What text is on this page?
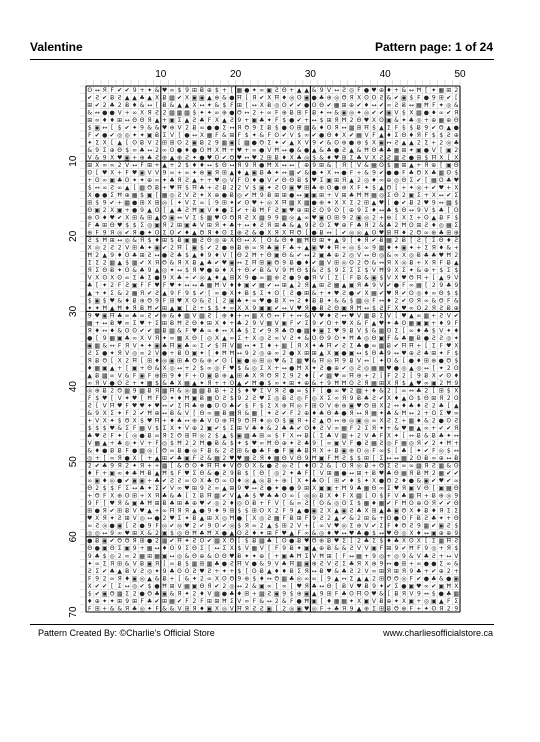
Valentine	Pattern page: 1 of 24
ʘ ↔ Я F ✔ ✔ 9 + ✦ & ♥ ∞ $ 9 ⊞ Ƀ ⊕ $ + [ ▦ ● ✦ ∞ ▣ Ƨ Θ + ▲ ▲ & 9 V ↔ Ƨ ◎ F ● ♥ ⊕ ♦ + & ↔ Ħ [ ✦ ▦ ⊞ 2
✔ Ƨ ✔ Ƀ Ƨ ▲ ▲ ♣ ▲ X Ƀ ▦ ✔ X ▣ ▣ ▲ ⊕ & ● Ħ [ Я ✔ X Ħ ♦ ◎ ʘ ▣ ● ♣ ⊕ ◎ Θ Я X ʘ ʘ Ƨ & ✔ ▣ $ F ● 9 ⊞ ✔ [
⊞ ✔ 2 ♣ 2 Ƀ ♦ & ↔ [ Ƀ & ▲ ▲ X ↔ ✦ & $ F ⊞ [ ↔ X Ƀ ◎ ʘ ✔ ✔ ● ʘ Θ ✔ ▦ ⊞ ⊕ ✔ ♦ ↔ ✔ ∞ Ƨ Ƀ ↔ ▦ Ħ F ✦ ◎ &
& ↔ ● ● V + ∞ X Я Ƨ 2 ▦ ▦ ▦ $ ✦ ✦ ∞ ⊕ ● Θ ↔ 2 + ∞ F ⊕ Ƀ ⊞ F Ƀ ✦ ↔ & ▣ ◎ ✦ ◎ ✔ ✔ ▣ V $ X ▦ ● ♦ ∞ ✔ Я
⊞ ∞ ♦ ♦ ⊞ ↔ Θ Θ Я ▲ + ▣ Ʃ ▲ Ƨ ♣ F X ▲ Ƨ 9 + ▣ ♣ ✦ F $ ● ✔ + ↔ $ ⊞ Я Ħ 2 Θ ♥ X ʘ ▣ & ✦ ♣ ◎ + ⊕ ▦ ⊕ Θ
$ ▣ ↔ [ $ ✔ ✦ 9 & & ♥ ⊕ V 2 Ƀ ∞ ● ● Ʃ ↔ Я Θ 9 Ʃ Ƀ $ ● ʘ ⊞ ▦ & ♦ ʘ Я ↔ ▦ ⊞ Ħ $ ▲ Ʃ F $ $ Ƀ 9 ✔ Θ ▲ ●
F ✔ ● ✔ ◎ ◎ ✦ ✦ ▣ Ƀ Ʃ V [ ● ↔ X ▦ F & ⊞ F $ ✦ & F ʘ ✔ V $ ∞ ✔ ● Θ ♦ X ✔ ▦ V F ▲ ♦ Ʃ Θ ♦ Я F $ $ Ƨ ⊕
✦ Ʃ X [ ▲ [ ʘ Ƀ V 2 ⊞ ⊞ ʘ 2 ▣ Ƀ 2 9 ▦ ▣ [ ▦ ● Θ Ʃ ✦ ✔ ▲ X V 9 ✔ & ʘ ⊕ ● ⊕ $ X ▣ ↔ Ƨ ▲ ▲ 2 Ʃ + 2 ◎ ♣
& 9 Ʃ ⊕ Θ $ ∞ ♣ ↔ 2 ∞ ʘ ● ♦ ● ʘ Ħ X Ħ + ♥ + ∞ ● V Ħ ↔ ● & ● ▲ & ♣ ● Ƨ ▲ & Ħ Θ ♣ ♣ ▦ ⊞ ✦ ▣ ● V [ ▣ 2
V & 9 X ♥ ▣ + ⊕ ♣ Ƨ ⊕ ▲ ⊕ Ƨ ✦ ● ♥ ʘ ✔ Θ ♥ ↔ ♥ 2 ⊞ Ƀ ♦ X ♣ ◎ $ & ♦ ♥ ⊞ Ʃ ♣ V X Ƨ Ƨ ▦ Ƨ ● ⊞ $ Ħ X [ X
⊞ X ∞ ∞ 2 V ↔ F ⊞ + ▲ + 2 $ ♦ ♦ ↔ $ Θ ↔ Я 9 Я ● Ħ X ↔ ↔ [ ⊕ 9 ⊞ & [ Я [ V & ▦ ʘ $ ▦ ⊞ ▲ + Я ⊕ [ ▣ Θ
ʘ [ ♥ X + F ♥ ▣ V V 9 ∞ + ∞ ✦ ⊕ ▣ Я ⊞ ▲ ♦ ▲ ▣ Ƀ ♣ ✦ ↔ ▦ ✔ & ● ✦ X ↔ ● F + & 9 ✔ ● ● F ♣ Θ X ♣ ▦ ʘ $
+ ʘ ∞ ▣ ♣ ʘ ✦ ✦ ⊕ ∞ ✦ ♣ Я Ƨ ▲ + + ♥ ◎ V F ʘ ♦ ● V ✔ Θ Θ Ƀ $ ♥ Ʃ ▣ ⊞ Я ▲ 2 ◎ ♦ ∞ ⊕ ◎ Θ Ʃ ✔ [ ▦ ʘ ♣ ♥
$ ↔ ∞ Ƨ ∞ ▲ [ ▦ Θ Ƀ + ♥ Ħ $ Ħ ♣ + Ƨ Ƀ 2 2 V $ ▣ ✦ Ƨ ʘ ▣ ♥ ⊞ ♣ ⊕ ʘ ● ⊕ X F ✦ $ ▲ Θ [ + ✦ ◎ + ✔ ♥ + X
X ● ● Ʃ Ħ ⊕ ▦ $ ▣ [ ▦ ◎ Ƨ V Ƨ ✦ X ⊕ ● Ƀ ◎ ✔ Ħ 9 Ƀ ⊞ ⊞ ● ↔ ▣ ▣ ⊞ + V ⊞ ♣ Ħ Ħ ▦ ◎ Ʃ Θ 2 ▣ Ʃ + X ↔ ✔ Ʃ
⊞ $ 9 ✔ + ▦ ● ⊞ X ⊞ ◎ [ ✦ V Ʃ ∞ [ 9 ⊞ ✦ ✔ ʘ ♥ + ◎ X Ħ ▦ X ▦ ● ⊕ ✦ X X Ʃ 2 ⊞ ▲ ♥ [ ● ✔ Ƀ 2 ♥ 9 ↔ ▦ $
Θ ▣ 2 X ▣ + ● 9 ▲ ʘ [ ▲ ♣ Ƨ Ħ ▣ V ♦ ● Ʃ ✔ + Ƀ Ħ F Ƨ ▣ ♥ ⊕ ⊞ Ƨ ʘ 9 ʘ [ ⊕ 9 Ʃ ♦ ↔ ♣ $ Θ ↔ 9 V $ ♣ [ ʘ
⊕ ʘ ♦ ♥ ✔ X ⊞ & ⊞ ▲ Θ ▣ ↔ V Ʃ $ ▦ ♥ ʘ Θ Я Ƨ X ▦ 9 9 ▦ ◎ ▲ ∞ ♥ ▣ ʘ ⊞ 9 2 ▣ ◎ 2 + ⊕ [ X Ʃ + ʘ ▲ Ƀ F $
F ♣ ⊞ Θ ♥ $ $ Ʃ ◎ ▣ Я 2 ⊞ ▣ ♣ V ⊞ Я ✦ ♣ + ↔ ♦ Ƨ Я ⊞ ♣ & ▲ 9 Ƨ ʘ Ʃ ♥ ⊕ F ♣ Я 2 & ♣ 2 Ħ ʘ ⊞ Ƨ ♦ ◎ ▦ Ʃ
⊕ F 9 Я ◎ ✔ Я ● ✦ ʘ Ʃ ʘ ✔ ♦ ▲ Θ Я ♦ ʘ Ʃ ⊕ Ƨ & ● X Я X Ħ Θ [ ● Ƀ ↔ [ ✔ ◎ ◎ ▲ ʘ ♥ ⊞ Ħ ♦ 2 Θ ∞ ⊕ ♣ ⊞ ⊕
Ƨ $ Ħ ⊞ ↔ ◎ & Я $ ♦ ⊞ $ Ƀ ▣ ▦ Ƨ Θ ◎ ⊕ X Θ ↔ X [ ʘ & Θ ♦ ▦ Ħ Θ ⊞ ✦ ▲ 9 [ ♦ Я ✔ Ƀ ▦ 2 Ƀ [ Ƨ [ Ʃ Θ ♦ Ƨ
X ◎ 2 Ƨ 2 V ⊞ ♣ ✦ ▣ ✔ 2 Ħ [ ▣ $ ✔ 2 ● ⊕ Ƀ ⊕ ∞ Я ♣ ▣ F ♣ + ▲ ▣ ♥ ♦ Ħ + ◎ $ ∞ 9 ▦ ♦ ✦ ▣ ✦ + Ʃ Я ♦ & +
Ħ 2 ▲ 9 ♦ ʘ ♣ ⊞ Ƨ ↔ ● Ƨ ♣ $ ▲ ♦ 9 ♦ V [ Θ 2 Ħ + Θ ▣ Θ & ✔ ↔ 2 ▣ ♣ ⊕ 2 ◎ V ↔ Θ ◎ & ∞ X ◎ Ƀ ♣ ♣ ♥ Ħ 2
Ʃ Ʃ 2 ▦ ▲ $ ▦ ✔ X Я Θ & Я X Ƀ ▲ ♣ ✔ ♥ ▣ ↔ Ʃ Ħ ⊞ ▣ Θ 9 Ƀ ● ♦ ✔ ▦ V ⊞ ◎ ʘ 2 Θ & ↔ Я X ◎ Ƀ + X Я F Ƀ ▲
Я Ʃ Θ Ƀ ✦ ʘ & ♣ 9 ▲ ◎ ✦ ↔ $ Я ♥ ● ⊕ ♦ X + Θ ✔ Ƀ & V 9 Ħ Θ $ & Ƨ $ 9 Ʃ Ʃ Ʃ $ V Ħ 9 X Ʃ ✦ & ⊕ + $ Ʃ $
V X ʘ X ʘ ∞ Ʃ ♣ Ʃ ● 9 X ♣ + ✔ ◎ ▲ ♦ ▲ ⊞ X 9 ● ∞ ▦ ⊕ Ƨ ● 9 ● Я V [ Ʃ [ F Ƀ & ▣ $ V X ♥ Θ Ħ + [ ▲ 9 V
♣ [ ✦ 2 F Ƨ ▣ F F ♥ F ♥ ✦ ↔ ↔ ♣ ▦ Ħ V ♦ ♦ ▣ ✔ ▦ ✔ ↔ ⊞ ▲ 2 Я ▲ ⊞ Ƨ ▦ ▲ ▣ Я ♣ 9 V ✔ ● F ∞ ▦ [ 2 9 ♣ 9
▲ + ✦ Ʃ & 2 ▦ Я ✔ Ƨ ▲ 9 F 9 $ ✔ [ ∞ ● X ✦ Ƀ $ Ʃ ✦ ʘ [ Ƨ ● ⊞ & + ✦ ♥ Ƨ ● ✔ X ▦ ✔ ♥ Я ✔ ʘ ◎ ♦ ∞ Θ $ $
$ ▣ $ ♥ & ♦ Ƀ ⊕ Θ 9 F ⊞ ♥ X ʘ & Ƨ [ 2 ▣ ♣ ✦ ∞ ♥ ● Ƀ X ↔ 2 ♦ Ƀ Ƀ ✦ & & $ ▦ ◎ F ↔ ♦ 2 ✔ ʘ Я ∞ & Θ F &
✦ ✦ Ħ ▲ Ħ ♦ Я Ƀ Ħ ✔ ⊞ ▲ ▣ [ Ƨ + $ $ ✦ ∞ X X 9 ▣ ▣ ✔ ↔ V ♥ Я ● Ƀ Ƨ Θ ▣ Я Ħ ↔ $ Ƨ F X ♥ ∞ ʘ 2 Я Ƨ Ƀ ⊕
9 ♥ ▣ Ħ ♣ ∞ ♣ ∞ Ƨ ✔ ⊕ & ♦ ▦ V ▦ Ƨ [ ⊕ ♦ + ↔ ▦ X Θ ↔ F + ↔ & V ♥ ♦ Ƨ ↔ ♥ V ▦ Ƀ Ʃ V [ ♥ ▲ ∞ ▦ + Ƨ V ✔
▦ + ↔ Ƀ ♥ ∞ Ʃ ♥ + Ʃ ⊞ Ƀ Ħ Ƨ Θ ♦ ⊞ X ♦ + ♣ 2 9 V ▦ V ▣ F ✔ Ʃ 9 ✔ ʘ + ♥ X & F ▲ ♥ ✦ ♣ ʘ ▦ ▣ ▣ + ♦ 9 F
Я ♦ ↔ ♦ & ʘ ʘ ✔ ✔ ▦ Ƀ ▦ & F ♥ ♣ ∞ ♦ ↔ X ♣ $ Ʃ ✔ 9 Я ♣ Θ ● ▦ ♦ ▣ Ʃ ♥ 9 Ƀ V $ & ▦ ʘ Ʃ [ ∞ ♦ ♣ $ V ✦ ♦
● [ 9 ▦ ▣ ♣ ∞ X V Я ✦ ∞ ▦ X Θ [ ◎ X ▲ ∞ Ʃ + X ◎ Ƨ ∞ V Ƨ ✦ & ʘ Θ 9 ʘ ✦ Ħ ♣ ◎ Θ ▣ F & ♣ ▦ Ƀ ● Ƨ Ƨ ◎ ✦
▣ ▦ & ↔ F Я V ✦ ✦ ▣ ♣ Ħ ▣ ♣ ∞ Ʃ ✔ $ Ħ V ▦ ↔ ✦ Ʃ ♦ + ▦ [ Я X ✦ ♣ Ħ ✔ Ƨ Ʃ ♣ ● ∞ ▦ Ƀ ✔ Ħ Ħ + [ Ʃ F ♥ X
Ƨ Ʃ ● ✦ Я V ◎ ∞ 2 V ● + Ƀ ʘ ▣ ✦ [ ♦ Ħ Ħ ↔ 9 2 ◎ ⊕ ∞ 2 ● X ⊞ ⊞ ▲ X ▣ ● ▣ ↔ $ Θ ♣ 9 ↔ ♥ ⊕ Ƨ ♣ ⊞ ✦ F $
Я Ƀ Θ [ X 2 Ħ [ ⊞ ♦ ◎ ▣ ⊞ ♣ Θ & ⊕ ✔ ʘ [ ▣ ● ◎ ⊞ ◎ ♥ & Ʃ ▦ ♥ & Ħ ◎ Ħ 9 Ƀ V ↔ [ ✦ ʘ & [ ● ♦ ⊞ ⊕ ● Θ $
♦ ▦ ▣ ▲ + [ ▣ + Θ & X ◎ ↔ + 2 $ ∞ ◎ F ♥ $ & ◎ Ʃ X + ↔ ● Ħ X ✦ Ƨ ● ⊕ ✔ ◎ Ƨ ◎ ▦ ▦ ♥ ● ◎ ▲ ◎ ↔ [ ✦ 2 ʘ
▲ Ƀ ▦ ∞ V & F ▣ F ⊕ ⊞ 9 ♦ F + ʘ ▣ Ƀ ⊕ ▲ ⊞ ♣ X Я Θ Я Ʃ 9 2 ♦ [ ✔ ▦ ♥ ∞ Ħ ⊕ + 2 [ F 2 2 [ 9 Ƀ X ✔ ʘ ♦
∞ Я V ● ʘ Ƨ + ✦ ▦ $ & ♣ X ▦ ▲ ✦ Я + + ʘ ▲ ✔ Ħ ● $ ∞ ✦ ⊞ ✦ ⊕ & + 9 Ħ Ħ ʘ Ƨ Я ▦ ⊞ X Я $ ▲ ♥ ∞ ▣ 2 Ħ 9
◎ ⊕ Ƀ 2 Θ ▦ 9 ▦ Ƀ Я ▦ Ħ & ◎ ▦ ▦ Ƀ Ƀ + 2 $ ♦ ♥ Ʃ V Я Ƨ ● ∞ $ F [ ● ∞ ♥ 2 ▦ + ♦ & 2 [ ∞ ↔ ♣ 2 [ ⊞ $ X
F $ ♥ [ V ✦ ♥ [ Ħ F ʘ ✦ ♦ Ħ ▣ Ƀ ▦ ʘ Ƨ $ 9 2 Ƨ ♥ Ʃ ◎ Ƀ Ƨ ◎ F ◎ X Ʃ ∞ Я 9 Ƀ ♣ Ƨ ✔ X ♦ ▲ ʘ $ Θ ⊞ Я 2 ʘ
Ƨ [ V Ħ ♥ F ♥ ♥ ✦ ♥ ↔ ✔ Ʃ Ħ ♣ ⊕ ● ʘ ʘ ♣ ✔ $ F $ Ʃ X ⊕ Ħ ◎ F ⊞ ʘ V ⊕ ⊕ ▣ ♥ Θ ⊞ X 2 ↔ ♦ ♣ ♦ Ƨ 2 ♣ [ ▲
& 9 X Ʃ ✦ F 2 ✔ Ħ ⊕ ↔ Ƀ & V [ Θ ∞ ▦ Ƀ ▦ Я & ▦ [ ✦ Ƨ ✔ F 2 ⊕ ♦ ♣ Θ ♣ ● Я ↔ Я ▦ ✦ ♣ & Ħ ↔ 2 + ʘ Ʃ ♥ ∞
+ V X ✦ $ Θ X $ ♥ Ħ + ♦ ♣ ↔ ⊕ ♣ V ʘ ⊕ Ħ 9 Θ Ħ ♦ ◎ ʘ $ ▣ Я + Ƨ ▲ Θ ↔ ⊕ ◎ ▣ ◎ ∞ X Ƨ Ʃ + ▦ ♦ & 2 ● ʘ Ƨ
$ $ $ ♥ & Ʃ F ▦ V $ Ʃ X ✦ V ⊕ 2 ▣ ✔ $ Ʃ ⊞ V ♣ ♦ & 2 ♣ ♣ ✔ ʘ ♦ Ƨ V ∞ ▦ F 2 Ʃ Я ✦ + & ♥ ▦ ▲ ∞ + ✔ ✔ Я
♣ ♥ Ƨ F ✦ [ ◎ ● Ƀ ∞ Я Ʃ Θ ⊞ Ħ ◎ 2 $ ▲ $ ▣ ▦ ♣ ⊞ ∞ $ F X ↔ Ƀ [ Ʃ ♣ V ▦ + 2 V ♣ F X ✦ [ ↔ Ƀ & Ƀ ♣ ✦ ↔
V ▦ ▲ + ♣ ◎ ✦ V + F ◎ $ Ħ 2 2 Ħ ● Ƀ & $ ✦ $ ♥ ∞ Ħ Θ ⊕ ✦ Ƨ ♣ 9 [ ∞ ▣ V F ● Ƨ ▦ Ƨ ◎ F ▦ ◎ Я ✔ 2 ✦ Ħ +
& ♦ ● Ƀ Ƀ F ● ▦ ◎ [ Θ ∞ Ƀ ● ◎ F Ƀ & 2 Ƨ ⊞ & ● ♣ F ● F ▣ ♣ Ƀ Я X + Ƀ ▣ ⊕ ʘ ◎ F ∞ $ [ ♣ [ ✦ ✔ F ◎ $ ↔
◎ + [ ∞ Я ● X [ + ▲ ⊞ ✔ ♣ ▣ F Ƨ & ▦ 2 ♥ ♥ ▦ Ƨ Я ♦ ▦ Θ V Θ 9 Ħ ▣ F Ħ Ƨ $ $ ⊞ [ Ʃ ↔ ↔ ▦ 2 ʘ Ƀ ∞ ⊕ ↔ Ƀ
2 ✔ ♣ 9 Я 2 ✦ Я + + ▦ [ & Θ ʘ ♦ Ħ Ħ ♦ V Θ ʘ X & ● Ƨ ◎ Ƨ [ ♦ ʘ 2 & [ ʘ Я ◎ Ƀ + Θ Ʃ Ƨ ∞ ∞ ▦ Я Ƨ ▦ & ʘ
♦ F + ▣ ∞ ♦ ♣ Ħ Ƀ ▲ Ħ $ F ♥ Ʃ Θ & ● Ƨ 9 Ƀ $ [ Θ [ ◎ 2 ✦ ♣ F [ V ⊞ ▦ ● ↔ ⊞ + Ƀ ♥ ♣ Θ ▦ Я Ƀ Ħ 2 ▦ ✔ ✔
∞ ▣ ♦ ◎ ● ✔ ▣ ▣ + ♣ ✔ Ƨ Ƨ ∞ ʘ X ♣ Θ ∞ ʘ ♦ ◎ ▲ ◎ Ƀ + ⊕ [ X ✦ ♣ ʘ [ ⊞ ✔ ♦ $ ✦ X ● Θ 2 ♦ ● & ▣ ✔ ♥ ✔ ∞
Θ 2 $ $ F Ʃ ↔ ♣ ✦ Ʃ ✔ V ∞ ♥ ⊞ 9 Ƨ ∞ ▲ ⊞ 9 ♥ ↔ Ƨ ● ✦ ● ● 9 ⊞ X ▣ ▣ + Ħ 9 ♣ ▦ Θ ∞ Ʃ ♥ Я ▣ V Θ [ ▣ ▦ Θ
+ Θ F X ⊕ ʘ ⊞ + X Я ♣ & ♣ [ Ʃ Ƀ Ħ ▦ ✔ V ▲ ♣ $ ♥ ♣ ♣ ʘ ∞ [ ◎ ◎ Ƀ X ♦ F X ▦ [ ʘ $ F V ♣ ▦ Ħ + Ƀ ⊕ ◎ 9
9 F [ ♥ Я & ▣ ♣ Ħ ⊞ Ƀ ♣ ⊞ ♣ ⊕ ♥ ✔ ◎ 2 ♦ ◎ ʘ Ƀ + F V [ & ∞ Ƨ [ ʘ & ◎ ʘ Ʃ $ ▦ ♦ ▦ ✔ F Ħ ʘ ⊕ ʘ Я ✔ ✔ Θ
⊞ ● Я ✔ ⊞ Ƀ V ♥ ▲ + ∞ Ħ Я Я ▲ ● 9 ♦ 9 ⊞ $ $ ⊞ ʘ X 2 F 9 ▲ ● ▣ 2 X ▲ ▣ Ƨ ♣ X ⊞ ▲ ♣ ▣ Θ X ♦ Ƀ ♦ Я Ʃ Ʃ
♥ X Я ✦ Ƨ ⊞ V ◎ ↔ ● 2 ♥ Ʃ ✦ Ƀ ▲ ⊞ X ◎ Ħ ● [ X ◎ Ƨ ▦ F Ƀ ⊞ F 9 Ƨ 2 ▲ ✔ & 2 ⊞ & + ʘ ● ʘ F Ƀ Ƨ ♣ ✦ + Θ
∞ Ƨ ◎ ● ▣ [ Ƨ ● 9 F ◎ ✔ ◎ ♥ 2 ✔ 9 ʘ ✔ ◎ $ Я ∞ 2 ▲ $ ⊞ 2 V + [ ∞ V ♥ ◎ Ʃ ⊕ V ✔ Ʃ F ♦ Θ Ƨ 9 ▦ ✔ ▣ Ƨ $
◎ ◎ ↔ 9 ∞ ♥ ⊞ X & 2 ▣ $ ◎ Θ Ħ ♣ Ħ X ● ▲ ʘ Ƨ ♦ ✦ ⊞ F ♥ ▲ F ∞ & ◎ ♦ ♥ ↔ ♥ ♣ ● $ ↔ ♥ Θ ◎ X ♦ ↔ ▣ ⊕ ⊕ 9
● Ƀ ▣ ✔ Θ Θ Я ⊞ ● 2 ▦ ✔ Ħ ✦ Ƨ ʘ ✔ ▦ X Θ [ $ Ƀ ▦ ♣ [ ʘ ● Ƀ ♥ Θ ⊕ Ƀ ♥ Ʃ [ 2 ♣ Ʃ $ ♦ ♣ X ʘ X [ Ʃ ▦ Ħ Ƨ
Θ ● ▣ Θ Ʃ ▣ 9 + ▦ ↔ ♦ ʘ 9 Ʃ Θ Ʃ [ ↔ Ʃ X $ V ▦ V [ F 9 Ƀ ✦ ▣ ▲ ⊕ Ƀ & & Ƨ V V ▣ F ⊞ 9 ✔ Ħ F 9 ◎ + Я $
9 ♣ $ ◎ 2 ∞ 2 ▦ ⊞ ▦ ▣ ↔ ◎ & Θ ⊕ & ʘ Θ ♥ Ƀ ✦ ✦ ⊕ [ + ▣ ♣ Ħ Ʃ V Ħ ⊞ [ F ↔ ▦ + 9 ◎ + ◎ 9 & V ♣ Ƨ + ↔ V
✦ ∞ Ʃ Я ⊞ & V Ƀ ▣ Я [ ∞ Ƀ $ ▦ ⊞ ▦ ♣ ● Ƨ Ħ V ● & 9 V ♣ Ħ ▦ ▣ ⊕ Ƨ V Ƨ Ʃ ♣ Я X ⊕ 9 ↔ ● ⊞ + ∞ ● ● Ʃ ∞ &
Ƨ Ʃ ✔ ♣ ▲ Ƀ V Ƨ ◎ ✦ 9 ♣ ʘ ʘ Ƨ ♥ Ƨ + ✦ + $ [ ʘ Ƀ ▲ ♦ ♦ Ƀ Ʃ Я ↔ Ƀ ♥ & ♣ Ƨ 2 V ∞ ⊞ Я ⊞ Я 9 ♣ + ✔ ⊕ 2 +
F 9 2 ∞ Я ♦ ▣ ◎ ▲ & Ƀ + [ & ✦ 2 ∞ X ʘ Θ 9 ⊕ $ ♦ ↔ Θ ▦ ♣ ◎ ∞ ∞ [ 9 ▲ ↔ Ʃ ▲ ▲ 2 ⊞ Θ Θ ◎ F ✔ ● ♣ & ● ▣
X ✔ ✔ [ Ʃ ↔ ◎ ✔ $ ● Ħ ⊞ V ▦ ▣ Θ Я ✔ 2 ◎ ↔ 2 & ▣ ∞ [ ∞ [ ♥ Я ♣ ↔ Θ [ Ƀ V ♥ Ƀ 9 ✦ ✔ Ʃ ● ▣ ♥ ∞ ✔ ▣ Ħ X
$ ✔ ▣ Θ ▦ Ʃ 2 ● Θ ♣ ▣ & Я ✦ 2 ♦ V ▦ ● ♣ ♦ ⊞ + ▦ Ƨ ▣ 9 $ ⊕ ▣ ▲ 9 ⊞ F ♣ ʘ Ħ ʘ ♥ & [ Ƀ Я V 9 ↔ $ ● ♣ ▦
♦ ⊕ ✦ ✦ ⊞ 9 ⊞ F ♣ ✔ ⊞ ▦ ✔ F 2 F ⊞ ⊞ Ħ Ʃ V ∞ F & ↔ 2 & F ● Ħ ▣ [ ♦ ▦ ▦ ✦ X ▣ V Ƀ ⊕ ✦ X ▣ + ◎ ▣ ▲ F Ʃ
F ⊞ + & & Я ♣ ◎ ✦ F & & V ⊞ Я ♦ ▣ X ◎ V Ħ Я Ƨ Ƨ ▣ [ 2 ◎ ▣ ♥ ◎ F + ♣ Я 9 ▲ ⊕ Ʃ ⊞ Ƀ Θ ⊕ F + ✦ ʘ Я 2 9
10	20	30	40	50
10
20
30
40
50
60
70
Pattern Created By: ©Charlie's Official Store	www.charliesofficialstore.ca
